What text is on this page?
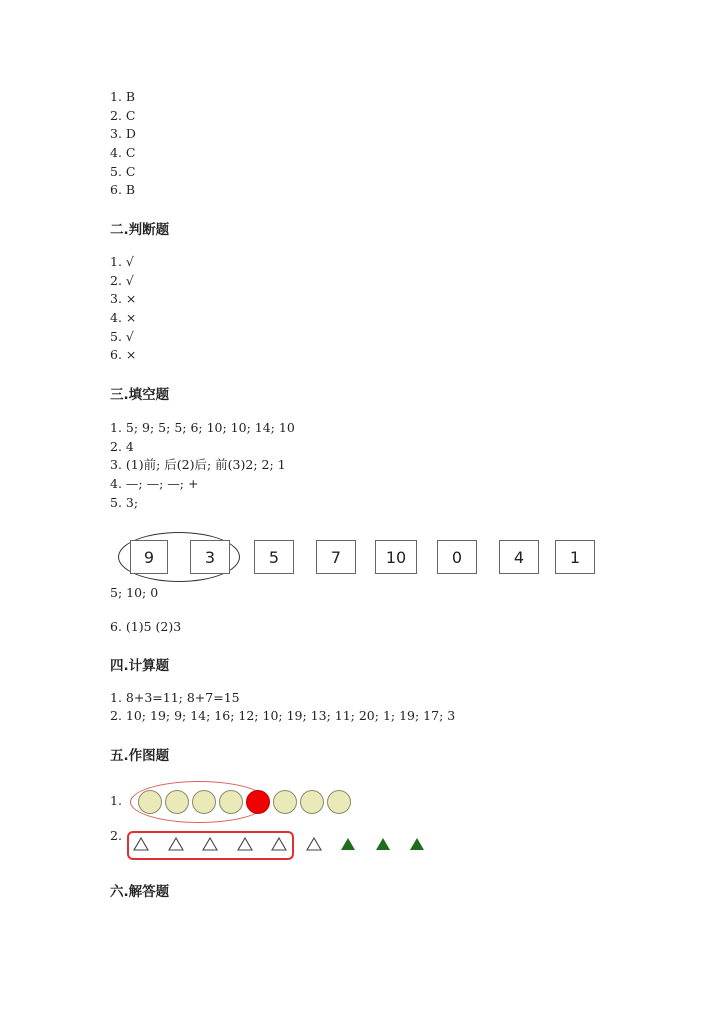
1. B
2. C
3. D
4. C
5. C
6. B
二.判断题
1. √
2. √
3. ×
4. ×
5. √
6. ×
三.填空题
1. 5; 9; 5; 5; 6; 10; 10; 14; 10
2. 4
3. (1)前; 后(2)后; 前(3)2; 2; 1
4. —; —; —; +
5. 3;
9	3	5	7	10	0	4	1
5; 10; 0
6. (1)5 (2)3
四.计算题
1. 8+3=11; 8+7=15
2. 10; 19; 9; 14; 16; 12; 10; 19; 13; 11; 20; 1; 19; 17; 3
五.作图题
1.
2.
六.解答题
